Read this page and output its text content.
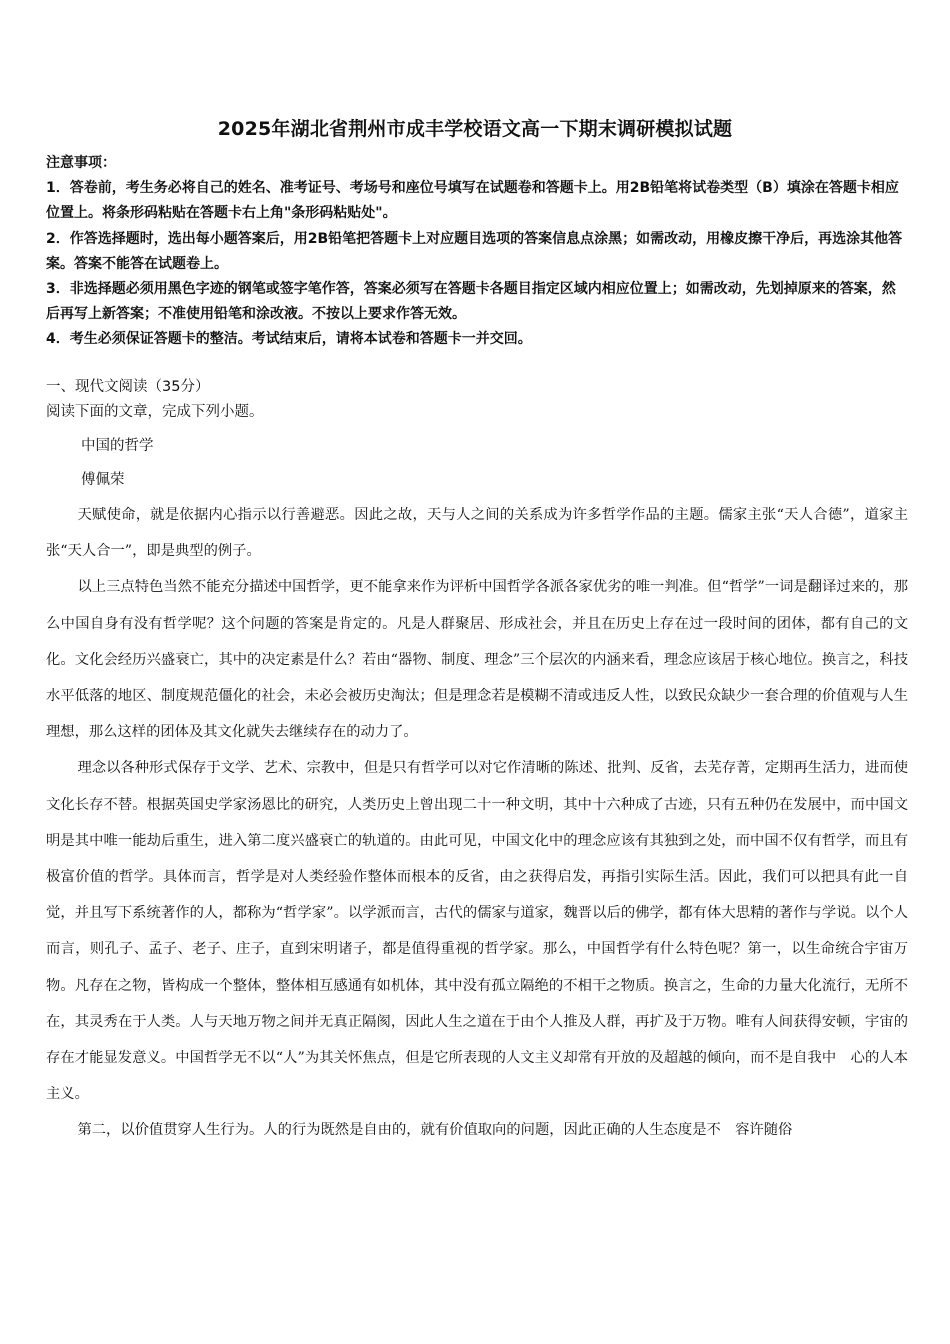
2025年湖北省荆州市成丰学校语文高一下期末调研模拟试题

注意事项：

1．答卷前，考生务必将自己的姓名、准考证号、考场号和座位号填写在试题卷和答题卡上。用2B铅笔将试卷类型（B）填涂在答题卡相应位置上。将条形码粘贴在答题卡右上角"条形码粘贴处"。

2．作答选择题时，选出每小题答案后，用2B铅笔把答题卡上对应题目选项的答案信息点涂黑；如需改动，用橡皮擦干净后，再选涂其他答案。答案不能答在试题卷上。

3．非选择题必须用黑色字迹的钢笔或签字笔作答，答案必须写在答题卡各题目指定区域内相应位置上；如需改动，先划掉原来的答案，然后再写上新答案；不准使用铅笔和涂改液。不按以上要求作答无效。

4．考生必须保证答题卡的整洁。考试结束后，请将本试卷和答题卡一并交回。

一、现代文阅读（35分）
阅读下面的文章，完成下列小题。
中国的哲学
傅佩荣

天赋使命，就是依据内心指示以行善避恶。因此之故，天与人之间的关系成为许多哲学作品的主题。儒家主张“天人合德”，道家主张“天人合一”，即是典型的例子。

以上三点特色当然不能充分描述中国哲学，更不能拿来作为评析中国哲学各派各家优劣的唯一判准。但“哲学”一词是翻译过来的，那么中国自身有没有哲学呢？这个问题的答案是肯定的。凡是人群聚居、形成社会，并且在历史上存在过一段时间的团体，都有自己的文化。文化会经历兴盛衰亡，其中的决定素是什么？若由“器物、制度、理念”三个层次的内涵来看，理念应该居于核心地位。换言之，科技水平低落的地区、制度规范僵化的社会，未必会被历史淘汰；但是理念若是模糊不清或违反人性，以致民众缺少一套合理的价值观与人生理想，那么这样的团体及其文化就失去继续存在的动力了。

理念以各种形式保存于文学、艺术、宗教中，但是只有哲学可以对它作清晰的陈述、批判、反省，去芜存菁，定期再生活力，进而使文化长存不替。根据英国史学家汤恩比的研究，人类历史上曾出现二十一种文明，其中十六种成了古迹，只有五种仍在发展中，而中国文明是其中唯一能劫后重生，进入第二度兴盛衰亡的轨道的。由此可见，中国文化中的理念应该有其独到之处，而中国不仅有哲学，而且有极富价值的哲学。具体而言，哲学是对人类经验作整体而根本的反省，由之获得启发，再指引实际生活。因此，我们可以把具有此一自觉，并且写下系统著作的人，都称为“哲学家”。以学派而言，古代的儒家与道家，魏晋以后的佛学，都有体大思精的著作与学说。以个人而言，则孔子、孟子、老子、庄子，直到宋明诸子，都是值得重视的哲学家。那么，中国哲学有什么特色呢？第一，以生命统合宇宙万物。凡存在之物，皆构成一个整体，整体相互感通有如机体，其中没有孤立隔绝的不相干之物质。换言之，生命的力量大化流行，无所不在，其灵秀在于人类。人与天地万物之间并无真正隔阂，因此人生之道在于由个人推及人群，再扩及于万物。唯有人间获得安顿，宇宙的存在才能显发意义。中国哲学无不以“人”为其关怀焦点，但是它所表现的人文主义却常有开放的及超越的倾向，而不是自我中　心的人本主义。

第二，以价值贯穿人生行为。人的行为既然是自由的，就有价值取向的问题，因此正确的人生态度是不　容许随俗
